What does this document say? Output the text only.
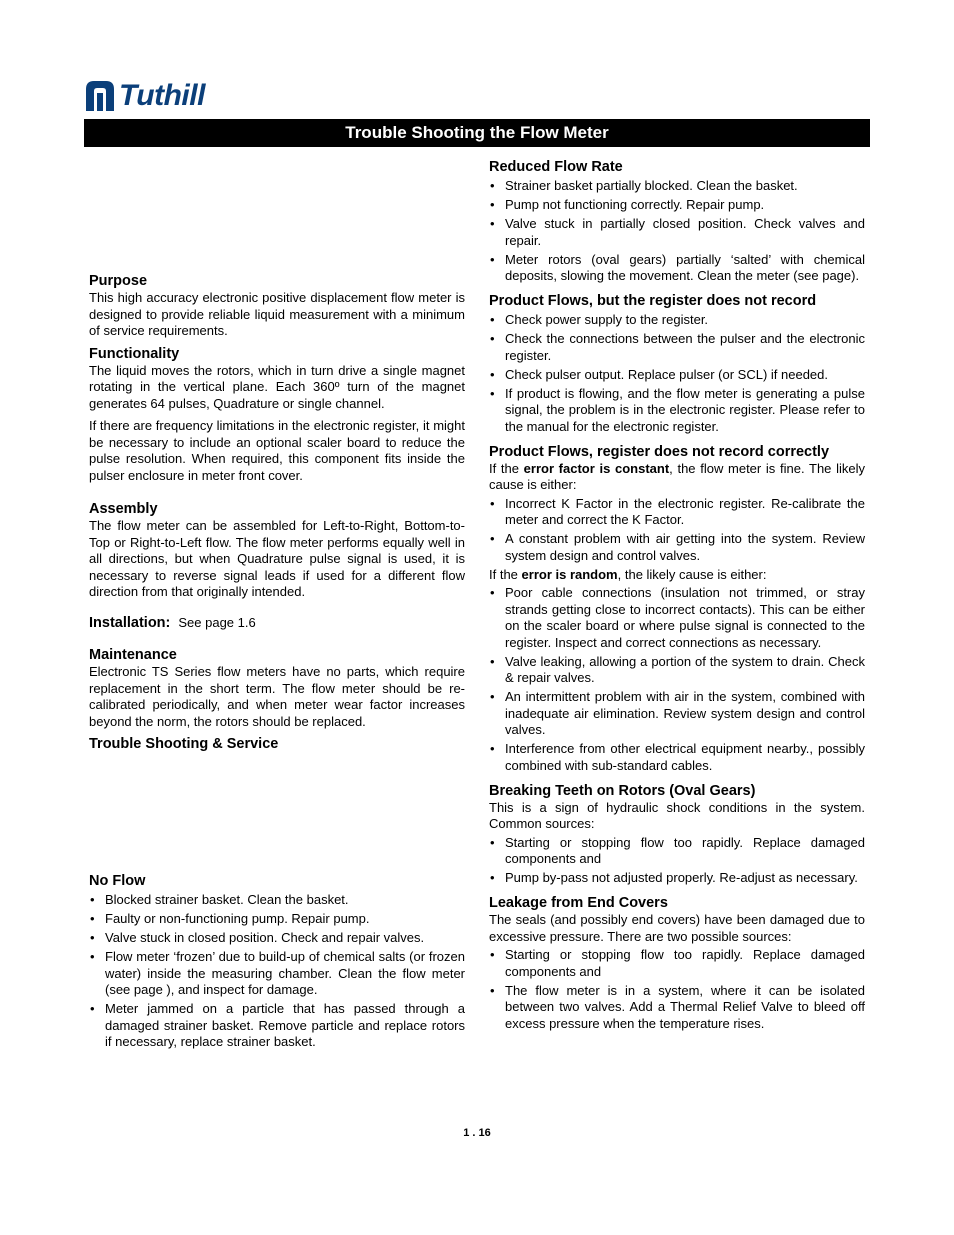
Tuthill
Trouble Shooting the Flow Meter
Purpose

This high accuracy electronic positive displacement flow meter is designed to provide reliable liquid measurement with a minimum of service requirements.

Functionality

The liquid moves the rotors, which in turn drive a single magnet rotating in the vertical plane. Each 360º turn of the magnet generates 64 pulses, Quadrature or single channel.

If there are frequency limitations in the electronic register, it might be necessary to include an optional scaler board to reduce the pulse resolution. When required, this component fits inside the pulser enclosure in meter front cover.

Assembly

The flow meter can be assembled for Left-to-Right, Bottom-to-Top or Right-to-Left flow. The flow meter performs equally well in all directions, but when Quadrature pulse signal is used, it is necessary to reverse signal leads if used for a different flow direction from that originally intended.

Installation: See page 1.6
Maintenance

Electronic TS Series flow meters have no parts, which require replacement in the short term. The flow meter should be re-calibrated periodically, and when meter wear factor increases beyond the norm, the rotors should be replaced.

Trouble Shooting & Service
No Flow
• Blocked strainer basket. Clean the basket.
• Faulty or non-functioning pump. Repair pump.
• Valve stuck in closed position. Check and repair valves.
• Flow meter ‘frozen’ due to build-up of chemical salts (or frozen water) inside the measuring chamber. Clean the flow meter (see page ), and inspect for damage.
• Meter jammed on a particle that has passed through a damaged strainer basket. Remove particle and replace rotors if necessary, replace strainer basket.
Reduced Flow Rate
• Strainer basket partially blocked. Clean the basket.
• Pump not functioning correctly. Repair pump.
• Valve stuck in partially closed position. Check valves and repair.
• Meter rotors (oval gears) partially ‘salted’ with chemical deposits, slowing the movement. Clean the meter (see page).
Product Flows, but the register does not record
• Check power supply to the register.
• Check the connections between the pulser and the electronic register.
• Check pulser output. Replace pulser (or SCL) if needed.
• If product is flowing, and the flow meter is generating a pulse signal, the problem is in the electronic register. Please refer to the manual for the electronic register.
Product Flows, register does not record correctly

If the error factor is constant, the flow meter is fine. The likely cause is either:

• Incorrect K Factor in the electronic register. Re-calibrate the meter and correct the K Factor.
• A constant problem with air getting into the system. Review system design and control valves.

If the error is random, the likely cause is either:

• Poor cable connections (insulation not trimmed, or stray strands getting close to incorrect contacts). This can be either on the scaler board or where pulse signal is connected to the register. Inspect and correct connections as necessary.
• Valve leaking, allowing a portion of the system to drain. Check & repair valves.
• An intermittent problem with air in the system, combined with inadequate air elimination. Review system design and control valves.
• Interference from other electrical equipment nearby., possibly combined with sub-standard cables.
Breaking Teeth on Rotors (Oval Gears)

This is a sign of hydraulic shock conditions in the system. Common sources:

• Starting or stopping flow too rapidly. Replace damaged components and
• Pump by-pass not adjusted properly. Re-adjust as necessary.
Leakage from End Covers

The seals (and possibly end covers) have been damaged due to excessive pressure. There are two possible sources:

• Starting or stopping flow too rapidly. Replace damaged components and
• The flow meter is in a system, where it can be isolated between two valves. Add a Thermal Relief Valve to bleed off excess pressure when the temperature rises.
1 . 16
